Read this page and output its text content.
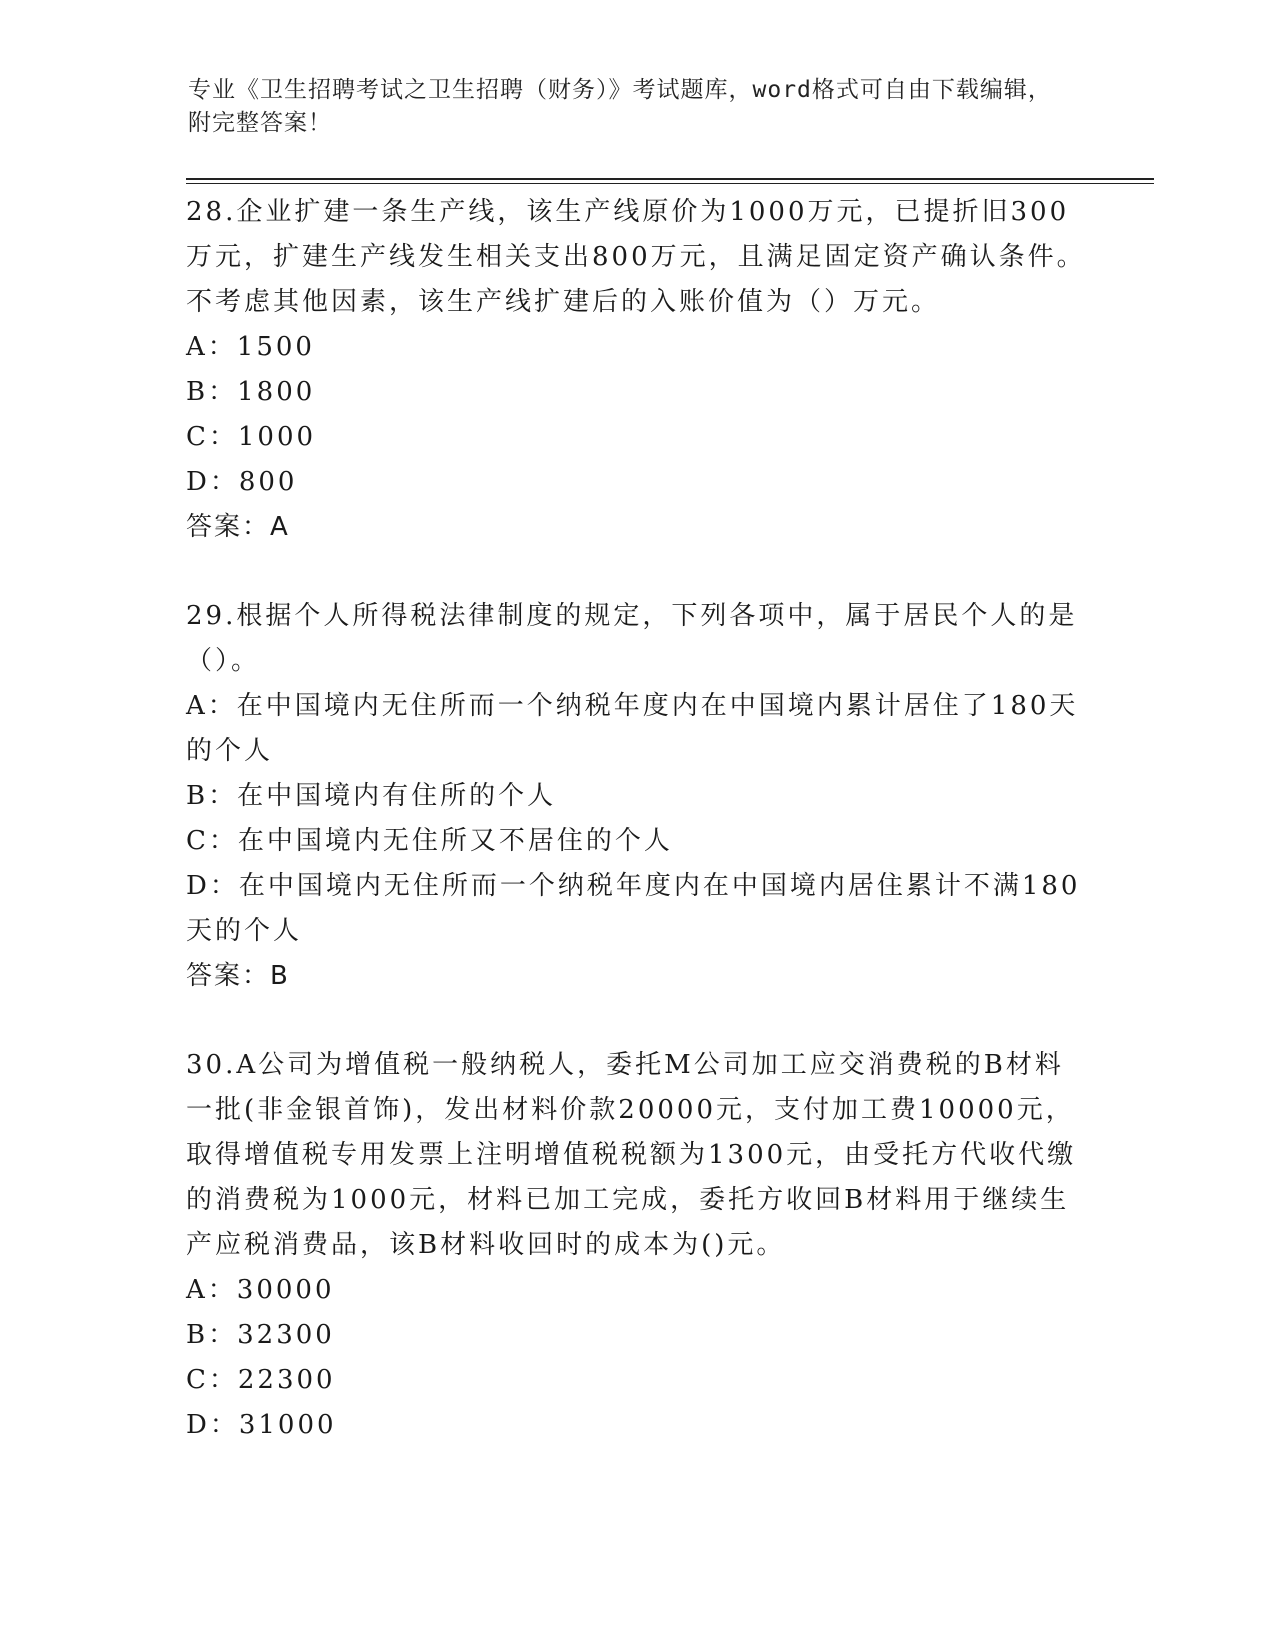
专业《卫生招聘考试之卫生招聘（财务）》考试题库，word格式可自由下载编辑，附完整答案！

28.企业扩建一条生产线，该生产线原价为1000万元，已提折旧300万元，扩建生产线发生相关支出800万元，且满足固定资产确认条件。不考虑其他因素，该生产线扩建后的入账价值为（）万元。

A：1500

B：1800

C：1000

D：800

答案：A

29.根据个人所得税法律制度的规定，下列各项中，属于居民个人的是（）。

A：在中国境内无住所而一个纳税年度内在中国境内累计居住了180天的个人

B：在中国境内有住所的个人

C：在中国境内无住所又不居住的个人

D：在中国境内无住所而一个纳税年度内在中国境内居住累计不满180天的个人

答案：B

30.A公司为增值税一般纳税人，委托M公司加工应交消费税的B材料一批(非金银首饰)，发出材料价款20000元，支付加工费10000元，取得增值税专用发票上注明增值税税额为1300元，由受托方代收代缴的消费税为1000元，材料已加工完成，委托方收回B材料用于继续生产应税消费品，该B材料收回时的成本为()元。

A：30000

B：32300

C：22300

D：31000
